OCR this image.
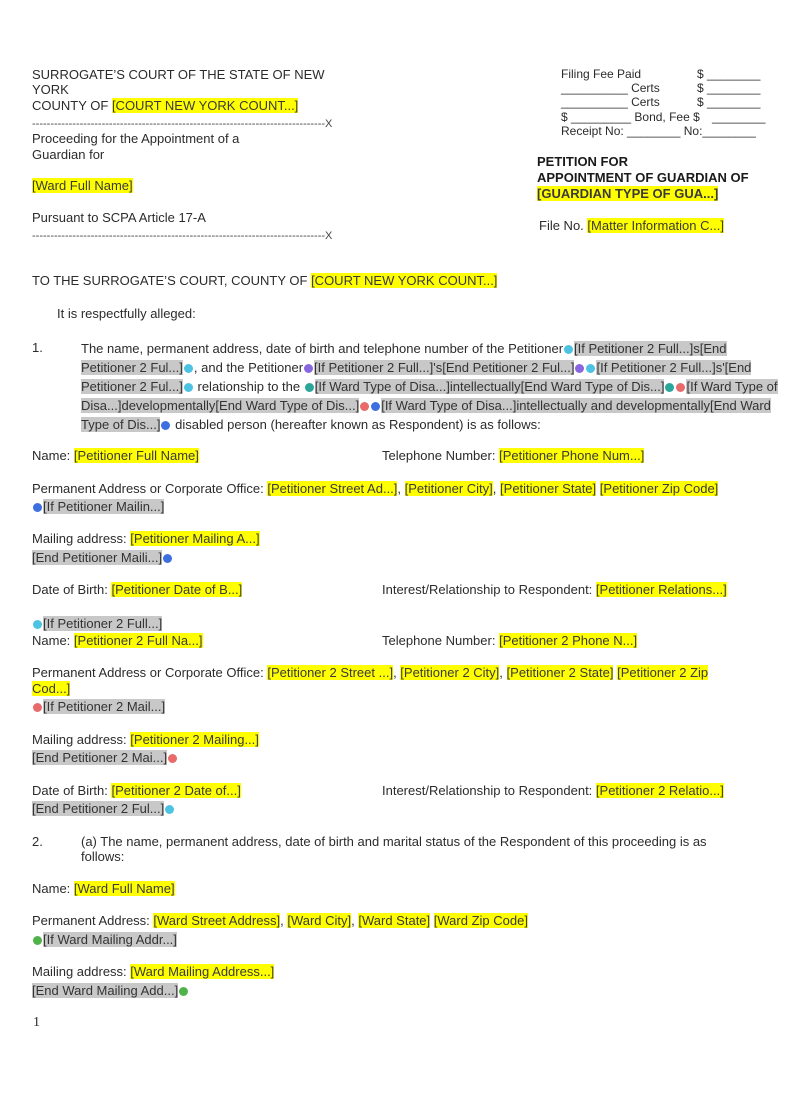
SURROGATE’S COURT OF THE STATE OF NEW
YORK
COUNTY OF [COURT NEW YORK COUNT...]
--------------------------------------------------------------------------------X
Proceeding for the Appointment of a
Guardian for
[Ward Full Name]
Pursuant to SCPA Article 17-A
--------------------------------------------------------------------------------X
Filing Fee Paid	$ ________
__________ Certs	$ ________
__________ Certs	$ ________
$ _________ Bond, Fee $ ________
Receipt No: ________ No:________
PETITION FOR
APPOINTMENT OF GUARDIAN OF
[GUARDIAN TYPE OF GUA...]
File No. [Matter Information C...]
TO THE SURROGATE’S COURT, COUNTY OF [COURT NEW YORK COUNT...]
It is respectfully alleged:
1.	The name, permanent address, date of birth and telephone number of the Petitioner [If Petitioner 2 Full...]s[End Petitioner 2 Ful...] , and the Petitioner [If Petitioner 2 Full...]'s[End Petitioner 2 Ful...] [If Petitioner 2 Full...]s'[End Petitioner 2 Ful...] relationship to the [If Ward Type of Disa...]intellectually[End Ward Type of Dis...] [If Ward Type of Disa...]developmentally[End Ward Type of Dis...] [If Ward Type of Disa...]intellectually and developmentally[End Ward Type of Dis...] disabled person (hereafter known as Respondent) is as follows:
Name: [Petitioner Full Name]	Telephone Number: [Petitioner Phone Num...]
Permanent Address or Corporate Office: [Petitioner Street Ad...], [Petitioner City], [Petitioner State] [Petitioner Zip Code]
[If Petitioner Mailin...]
Mailing address: [Petitioner Mailing A...]
[End Petitioner Maili...]
Date of Birth: [Petitioner Date of B...]	Interest/Relationship to Respondent: [Petitioner Relations...]
[If Petitioner 2 Full...]
Name: [Petitioner 2 Full Na...]	Telephone Number: [Petitioner 2 Phone N...]
Permanent Address or Corporate Office: [Petitioner 2 Street ...], [Petitioner 2 City], [Petitioner 2 State] [Petitioner 2 Zip
Cod...]
[If Petitioner 2 Mail...]
Mailing address: [Petitioner 2 Mailing...]
[End Petitioner 2 Mai...]
Date of Birth: [Petitioner 2 Date of...]	Interest/Relationship to Respondent: [Petitioner 2 Relatio...]
[End Petitioner 2 Ful...]
2.	(a) The name, permanent address, date of birth and marital status of the Respondent of this proceeding is as
follows:
Name: [Ward Full Name]
Permanent Address: [Ward Street Address], [Ward City], [Ward State] [Ward Zip Code]
[If Ward Mailing Addr...]
Mailing address: [Ward Mailing Address...]
[End Ward Mailing Add...]
1
